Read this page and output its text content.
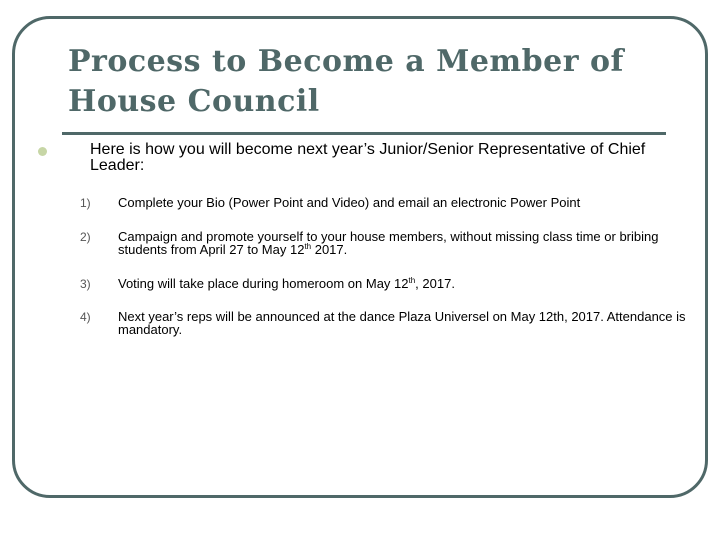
Process to Become a Member of House Council
Here is how you will become next year’s Junior/Senior Representative of Chief Leader:
1) Complete your Bio (Power Point and Video) and email an electronic Power Point
2) Campaign and promote yourself to your house members, without missing class time or bribing students from April 27 to May 12th 2017.
3) Voting will take place during homeroom on May 12th, 2017.
4) Next year’s reps will be announced at the dance Plaza Universel on May 12th, 2017. Attendance is mandatory.
